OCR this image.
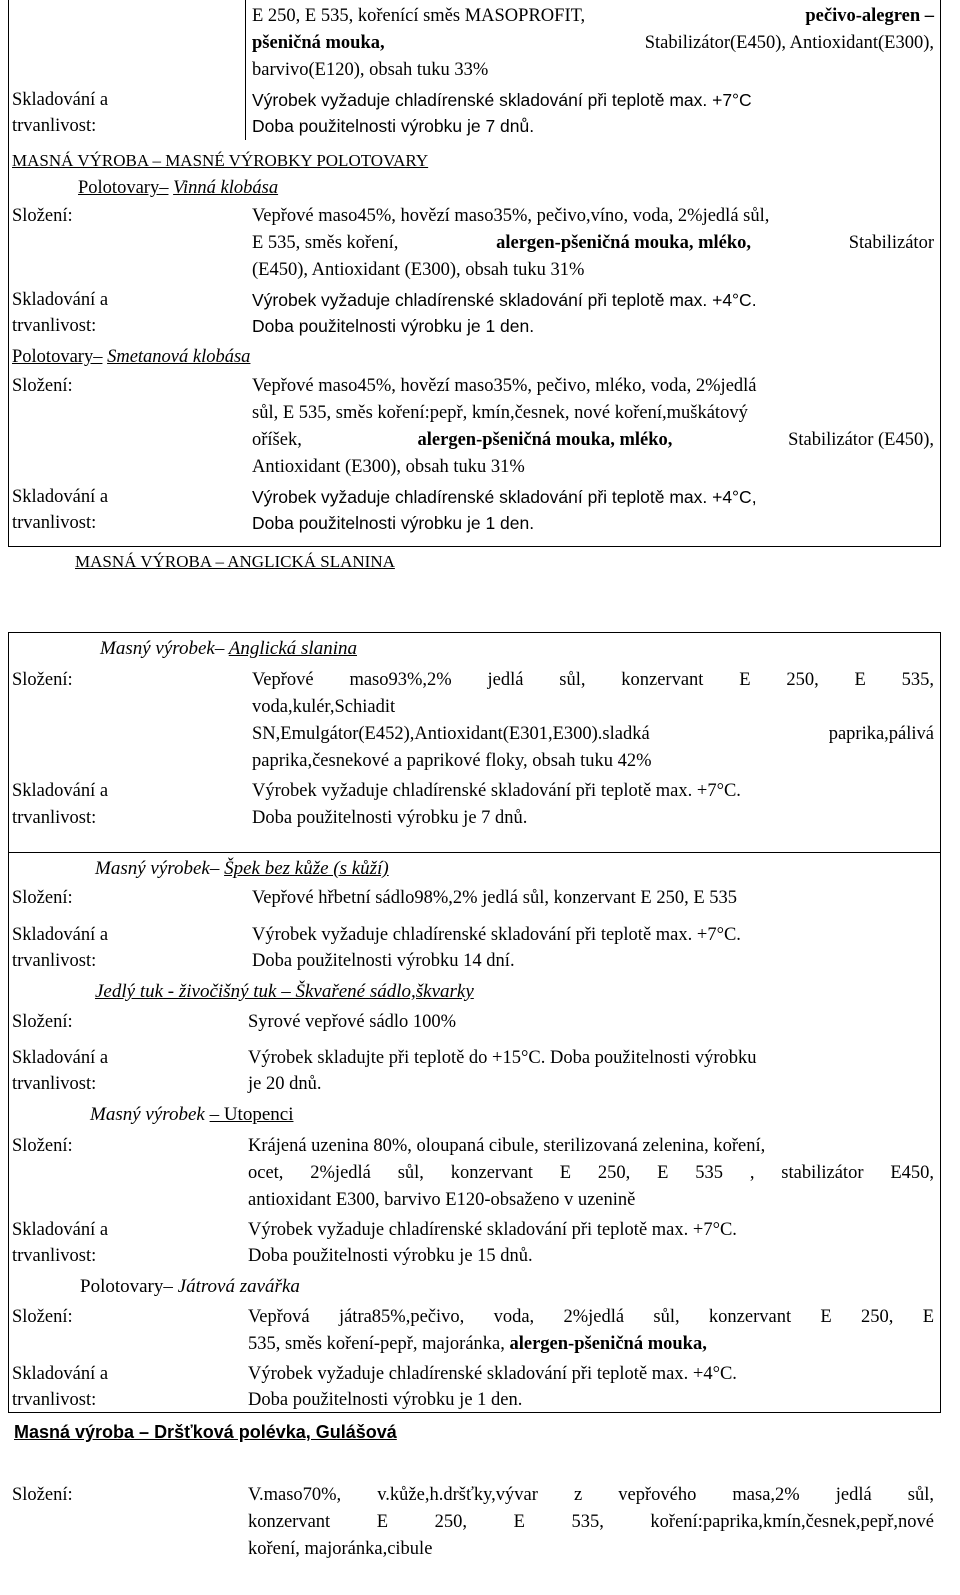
E 250, E 535, kořenící směs MASOPROFIT,	pečivo-alegren –
pšeničná mouka,	Stabilizátor(E450), Antioxidant(E300),
barvivo(E120), obsah tuku 33%
Skladování a
trvanlivost:
Výrobek vyžaduje chladírenské skladování při teplotě max. +7°C
Doba použitelnosti výrobku je 7 dnů.
MASNÁ VÝROBA – MASNÉ VÝROBKY POLOTOVARY
Polotovary– Vinná klobása
Složení:	Vepřové maso45%, hovězí maso35%, pečivo,víno, voda, 2%jedlá sůl,
E 535, směs koření,	alergen-pšeničná mouka, mléko,	Stabilizátor
(E450), Antioxidant (E300), obsah tuku 31%
Skladování a
trvanlivost:
Výrobek vyžaduje chladírenské skladování při teplotě max. +4°C.
Doba použitelnosti výrobku je 1 den.
Polotovary– Smetanová klobása
Složení:	Vepřové maso45%, hovězí maso35%, pečivo, mléko, voda, 2%jedlá
sůl, E 535, směs koření:pepř, kmín,česnek, nové koření,muškátový
oříšek,	alergen-pšeničná mouka, mléko,	Stabilizátor (E450),
Antioxidant (E300), obsah tuku 31%
Skladování a
trvanlivost:
Výrobek vyžaduje chladírenské skladování při teplotě max. +4°C,
Doba použitelnosti výrobku je 1 den.
MASNÁ VÝROBA – ANGLICKÁ SLANINA
Masný výrobek– Anglická slanina
Složení:	Vepřové maso93%,2% jedlá sůl, konzervant E 250, E 535,
voda,kulér,Schiadit
SN,Emulgátor(E452),Antioxidant(E301,E300).sladká paprika,pálivá
paprika,česnekové a paprikové floky, obsah tuku 42%
Skladování a
trvanlivost:
Výrobek vyžaduje chladírenské skladování při teplotě max. +7°C.
Doba použitelnosti výrobku je 7 dnů.
Masný výrobek– Špek bez kůže (s kůží)
Složení:	Vepřové hřbetní sádlo98%,2% jedlá sůl, konzervant E 250, E 535
Skladování a
trvanlivost:
Výrobek vyžaduje chladírenské skladování při teplotě max. +7°C.
Doba použitelnosti výrobku 14 dní.
Jedlý tuk - živočišný tuk – Škvařené sádlo,škvarky
Složení:	Syrové vepřové sádlo 100%
Skladování a
trvanlivost:
Výrobek skladujte při teplotě do +15°C. Doba použitelnosti výrobku
je 20 dnů.
Masný výrobek – Utopenci
Složení:	Krájená uzenina 80%, oloupaná cibule, sterilizovaná zelenina, koření,
ocet, 2%jedlá sůl, konzervant E 250, E 535 , stabilizátor E450,
antioxidant E300, barvivo E120-obsaženo v uzenině
Skladování a
trvanlivost:
Výrobek vyžaduje chladírenské skladování při teplotě max. +7°C.
Doba použitelnosti výrobku je 15 dnů.
Polotovary– Játrová zavářka
Složení:	Vepřová játra85%,pečivo, voda, 2%jedlá sůl, konzervant E 250, E
535, směs koření-pepř, majoránka, alergen-pšeničná mouka,
Skladování a
trvanlivost:
Výrobek vyžaduje chladírenské skladování při teplotě max. +4°C.
Doba použitelnosti výrobku je 1 den.
Masná výroba – Dršťková polévka, Gulášová
Složení:	V.maso70%, v.kůže,h.dršťky,vývar z vepřového masa,2% jedlá sůl,
konzervant E 250, E 535, koření:paprika,kmín,česnek,pepř,nové
koření, majoránka,cibule
